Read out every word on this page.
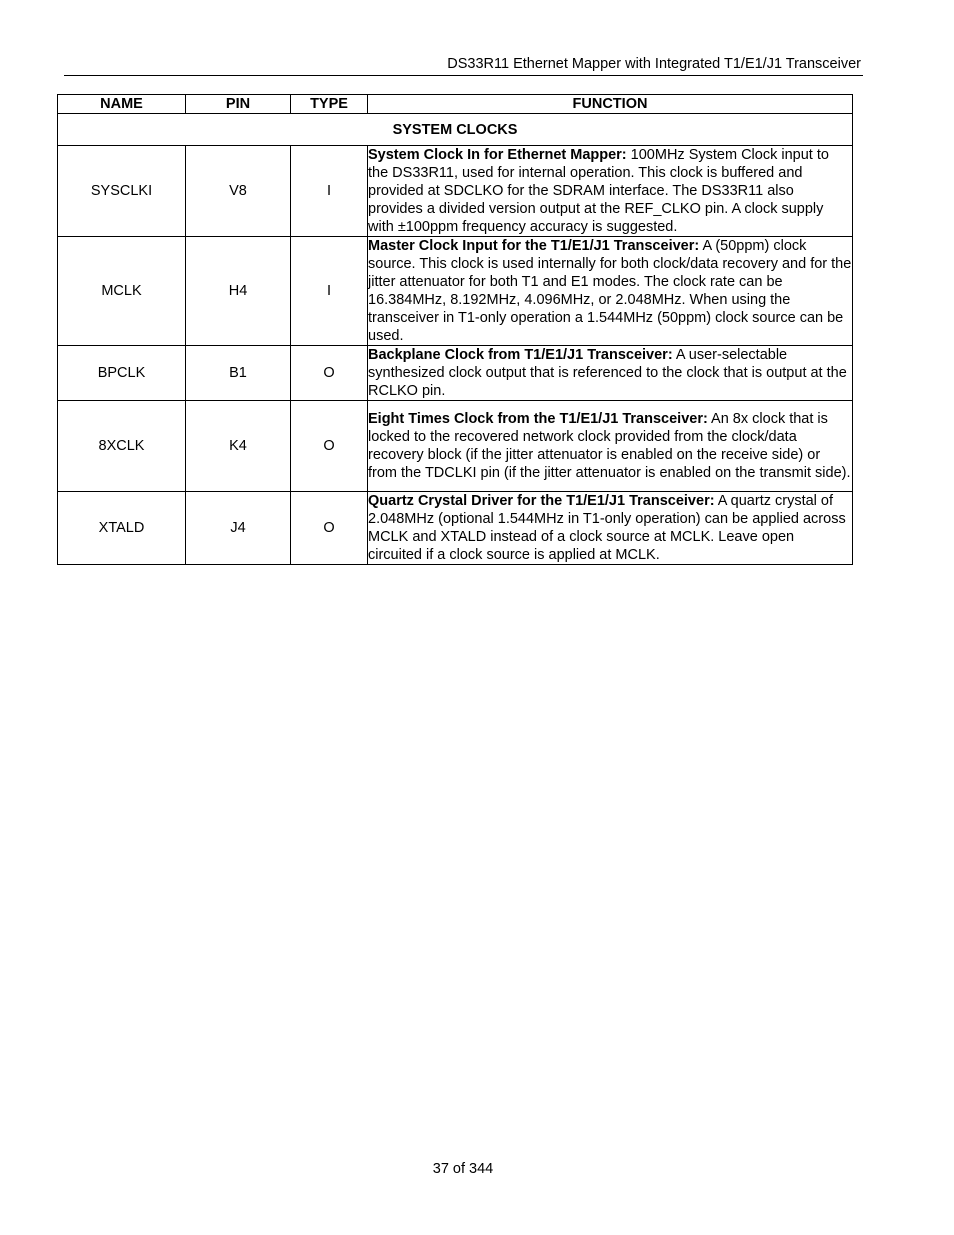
DS33R11 Ethernet Mapper with Integrated T1/E1/J1 Transceiver
NAME	PIN	TYPE	FUNCTION
SYSTEM CLOCKS			
SYSCLKI	V8	I	System Clock In for Ethernet Mapper: 100MHz System Clock input to the DS33R11, used for internal operation. This clock is buffered and provided at SDCLKO for the SDRAM interface. The DS33R11 also provides a divided version output at the REF_CLKO pin. A clock supply with ±100ppm frequency accuracy is suggested.
MCLK	H4	I	Master Clock Input for the T1/E1/J1 Transceiver: A (50ppm) clock source. This clock is used internally for both clock/data recovery and for the jitter attenuator for both T1 and E1 modes. The clock rate can be 16.384MHz, 8.192MHz, 4.096MHz, or 2.048MHz. When using the transceiver in T1-only operation a 1.544MHz (50ppm) clock source can be used.
BPCLK	B1	O	Backplane Clock from T1/E1/J1 Transceiver: A user-selectable synthesized clock output that is referenced to the clock that is output at the RCLKO pin.
8XCLK	K4	O	Eight Times Clock from the T1/E1/J1 Transceiver: An 8x clock that is locked to the recovered network clock provided from the clock/data recovery block (if the jitter attenuator is enabled on the receive side) or from the TDCLKI pin (if the jitter attenuator is enabled on the transmit side).
XTALD	J4	O	Quartz Crystal Driver for the T1/E1/J1 Transceiver: A quartz crystal of 2.048MHz (optional 1.544MHz in T1-only operation) can be applied across MCLK and XTALD instead of a clock source at MCLK. Leave open circuited if a clock source is applied at MCLK.
37 of 344
